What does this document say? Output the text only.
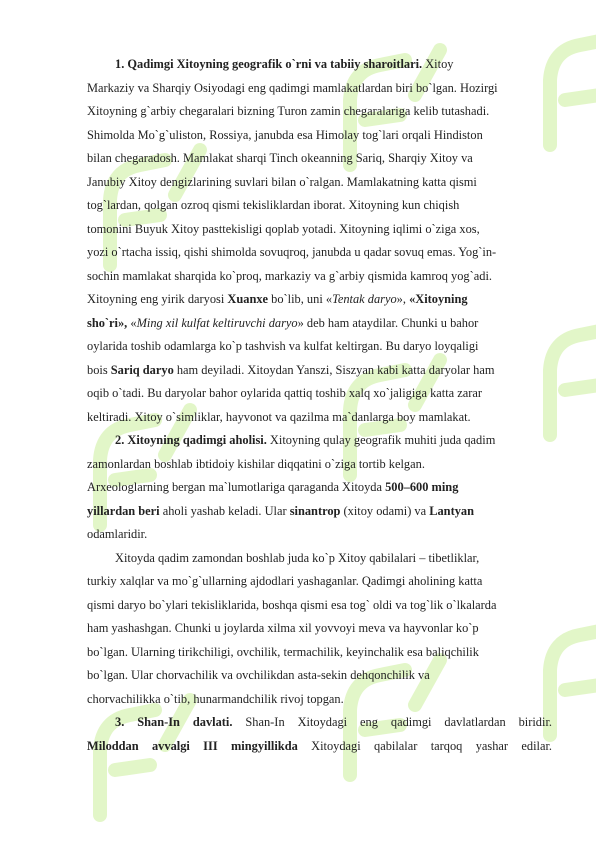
1. Qadimgi Xitoyning geografik o`rni va tabiiy sharoitlari. Xitoy
Markaziy va Sharqiy Osiyodagi eng qadimgi mamlakatlardan biri bo`lgan. Hozirgi
Xitoyning g`arbiy chegaralari bizning Turon zamin chegaralariga kelib tutashadi.
Shimolda Mo`g`uliston, Rossiya, janubda esa Himolay tog`lari orqali Hindiston
bilan chegaradosh. Mamlakat sharqi Tinch okeanning Sariq, Sharqiy Xitoy va
Janubiy Xitoy dengizlarining suvlari bilan o`ralgan. Mamlakatning katta qismi
tog`lardan, qolgan ozroq qismi tekisliklardan iborat. Xitoyning kun chiqish
tomonini Buyuk Xitoy pasttekisligi qoplab yotadi. Xitoyning iqlimi o`ziga xos,
yozi o`rtacha issiq, qishi shimolda sovuqroq, janubda u qadar sovuq emas. Yog`in-
sochin mamlakat sharqida ko`proq, markaziy va g`arbiy qismida kamroq yog`adi.
Xitoyning eng yirik daryosi Xuanxe bo`lib, uni «Tentak daryo», «Xitoyning
sho`ri», «Ming xil kulfat keltiruvchi daryo» deb ham ataydilar. Chunki u bahor
oylarida toshib odamlarga ko`p tashvish va kulfat keltirgan. Bu daryo loyqaligi
bois Sariq daryo ham deyiladi. Xitoydan Yanszi, Siszyan kabi katta daryolar ham
oqib o`tadi. Bu daryolar bahor oylarida qattiq toshib xalq xo`jaligiga katta zarar
keltiradi. Xitoy o`simliklar, hayvonot va qazilma ma`danlarga boy mamlakat.
2. Xitoyning qadimgi aholisi. Xitoyning qulay geografik muhiti juda qadim
zamonlardan boshlab ibtidoiy kishilar diqqatini o`ziga tortib kelgan.
Arxeologlarning bergan ma`lumotlariga qaraganda Xitoyda 500–600 ming
yillardan beri aholi yashab keladi. Ular sinantrop (xitoy odami) va Lantyan
odamlaridir.
Xitoyda qadim zamondan boshlab juda ko`p Xitoy qabilalari – tibetliklar,
turkiy xalqlar va mo`g`ullarning ajdodlari yashaganlar. Qadimgi aholining katta
qismi daryo bo`ylari tekisliklarida, boshqa qismi esa tog` oldi va tog`lik o`lkalarda
ham yashashgan. Chunki u joylarda xilma xil yovvoyi meva va hayvonlar ko`p
bo`lgan. Ularning tirikchiligi, ovchilik, termachilik, keyinchalik esa baliqchilik
bo`lgan. Ular chorvachilik va ovchilikdan asta-sekin dehqonchilik va
chorvachilikka o`tib, hunarmandchilik rivoj topgan.
3. Shan-In davlati. Shan-In Xitoydagi eng qadimgi davlatlardan biridir.
Miloddan avvalgi III mingyillikda Xitoydagi qabilalar tarqoq yashar edilar.
